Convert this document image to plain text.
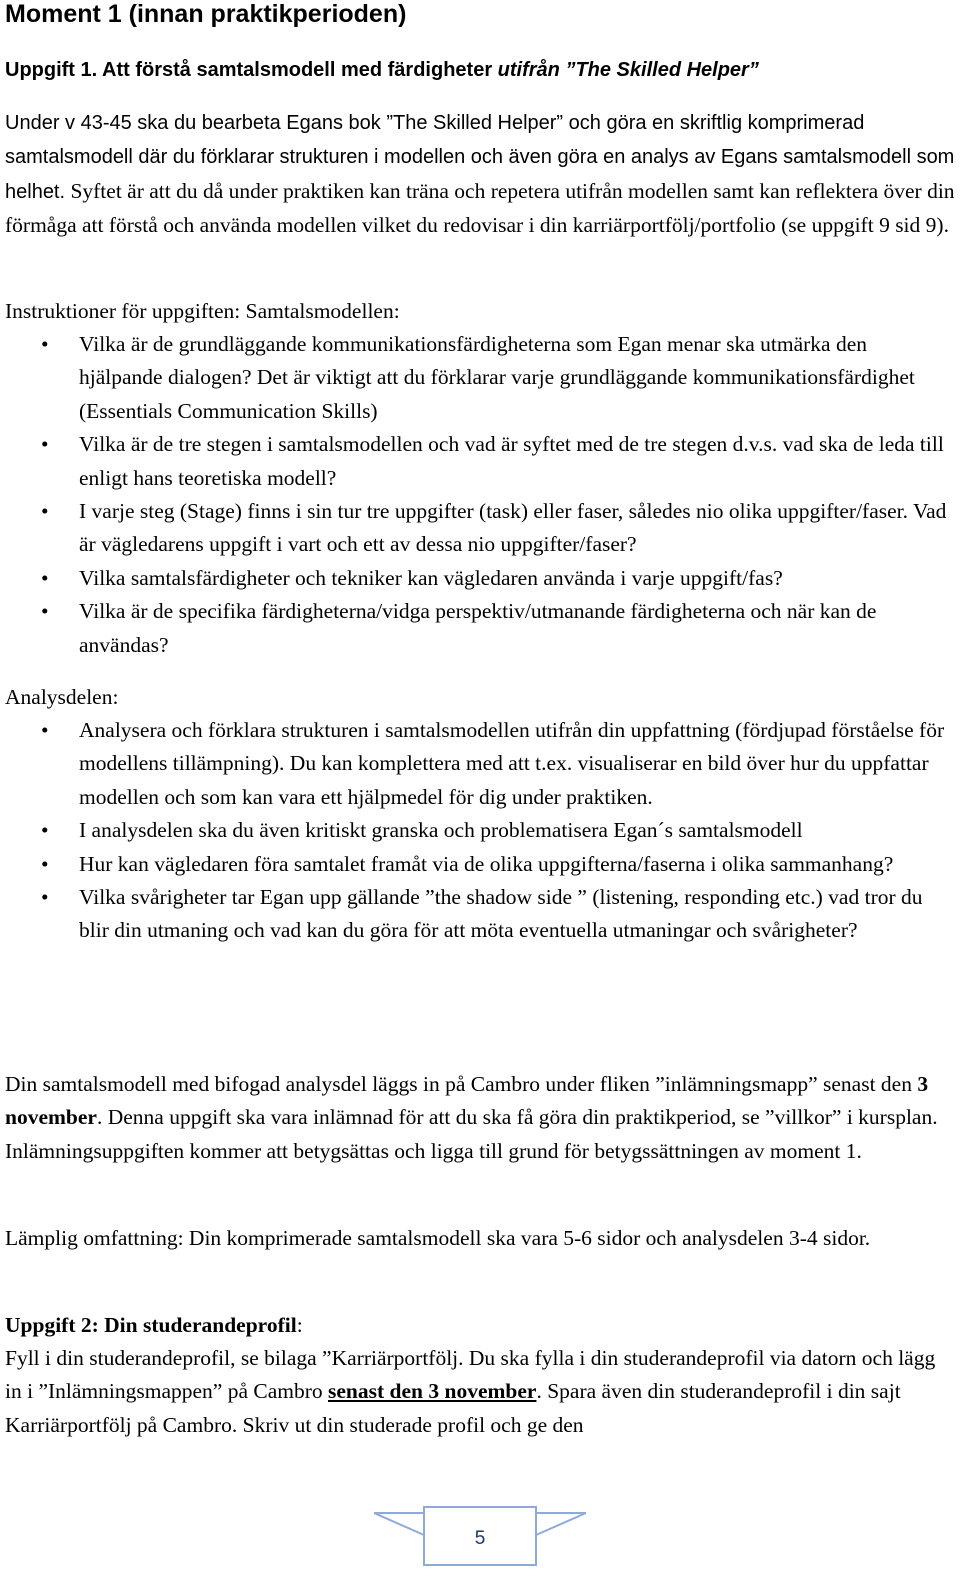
Moment 1 (innan praktikperioden)

Uppgift 1. Att förstå samtalsmodell med färdigheter utifrån ”The Skilled Helper”

Under v 43-45 ska du bearbeta Egans bok ”The Skilled Helper” och göra en skriftlig komprimerad samtalsmodell där du förklarar strukturen i modellen och även göra en analys av Egans samtalsmodell som helhet. Syftet är att du då under praktiken kan träna och repetera utifrån modellen samt kan reflektera över din förmåga att förstå och använda modellen vilket du redovisar i din karriärportfölj/portfolio (se uppgift 9 sid 9).

Instruktioner för uppgiften: Samtalsmodellen:

• Vilka är de grundläggande kommunikationsfärdigheterna som Egan menar ska utmärka den hjälpande dialogen? Det är viktigt att du förklarar varje grundläggande kommunikationsfärdighet (Essentials Communication Skills)
• Vilka är de tre stegen i samtalsmodellen och vad är syftet med de tre stegen d.v.s. vad ska de leda till enligt hans teoretiska modell?
• I varje steg (Stage) finns i sin tur tre uppgifter (task) eller faser, således nio olika uppgifter/faser. Vad är vägledarens uppgift i vart och ett av dessa nio uppgifter/faser?
• Vilka samtalsfärdigheter och tekniker kan vägledaren använda i varje uppgift/fas?
• Vilka är de specifika färdigheterna/vidga perspektiv/utmanande färdigheterna och när kan de användas?

Analysdelen:

• Analysera och förklara strukturen i samtalsmodellen utifrån din uppfattning (fördjupad förståelse för modellens tillämpning). Du kan komplettera med att t.ex. visualiserar en bild över hur du uppfattar modellen och som kan vara ett hjälpmedel för dig under praktiken.
• I analysdelen ska du även kritiskt granska och problematisera Egan´s samtalsmodell
• Hur kan vägledaren föra samtalet framåt via de olika uppgifterna/faserna i olika sammanhang?
• Vilka svårigheter tar Egan upp gällande ”the shadow side ” (listening, responding etc.) vad tror du blir din utmaning och vad kan du göra för att möta eventuella utmaningar och svårigheter?

Din samtalsmodell med bifogad analysdel läggs in på Cambro under fliken ”inlämningsmapp” senast den 3 november. Denna uppgift ska vara inlämnad för att du ska få göra din praktikperiod, se ”villkor” i kursplan. Inlämningsuppgiften kommer att betygsättas och ligga till grund för betygssättningen av moment 1.

Lämplig omfattning: Din komprimerade samtalsmodell ska vara 5-6 sidor och analysdelen 3-4 sidor.

Uppgift 2: Din studerandeprofil:

Fyll i din studerandeprofil, se bilaga ”Karriärportfölj. Du ska fylla i din studerandeprofil via datorn och lägg in i ”Inlämningsmappen” på Cambro senast den 3 november. Spara även din studerandeprofil i din sajt Karriärportfölj på Cambro. Skriv ut din studerade profil och ge den

5
